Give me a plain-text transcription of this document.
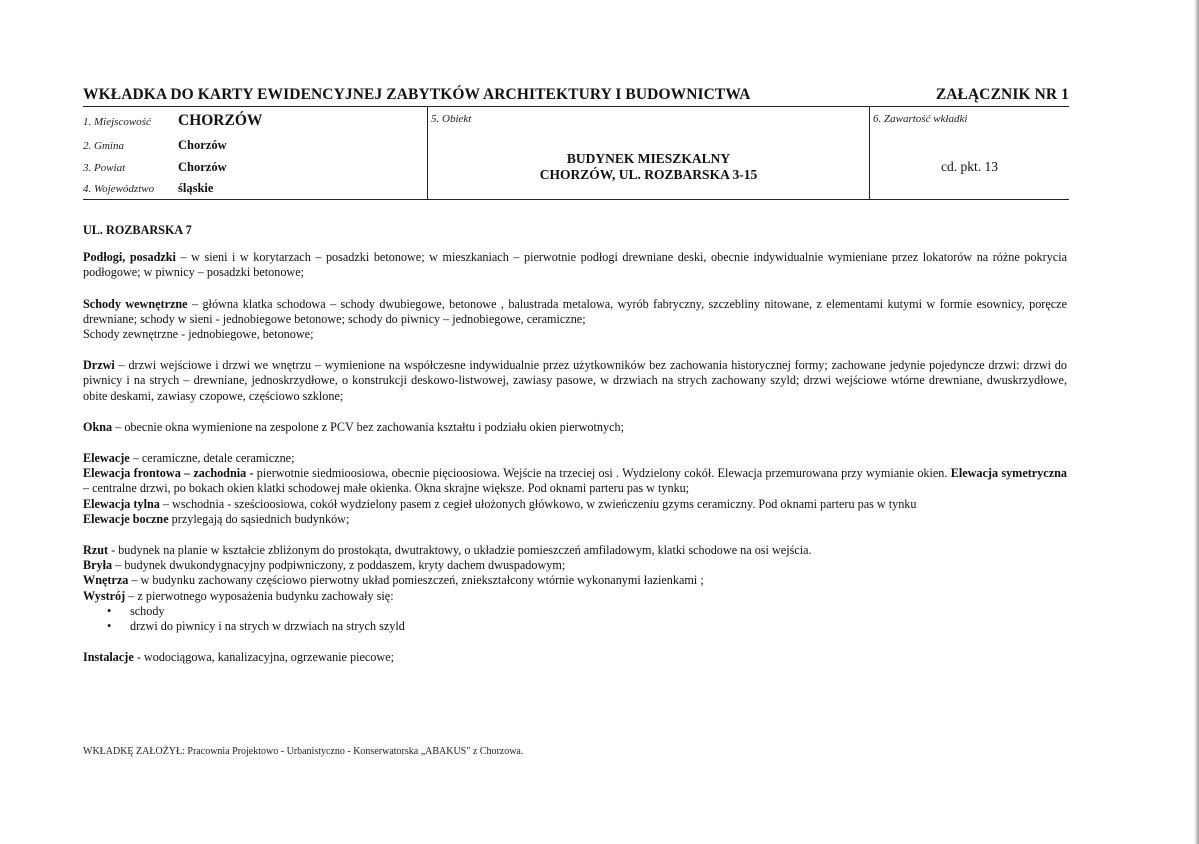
WKŁADKA DO KARTY EWIDENCYJNEJ ZABYTKÓW ARCHITEKTURY I BUDOWNICTWA	ZAŁĄCZNIK NR 1
1. Miejscowość	CHORZÓW
2. Gmina	Chorzów
3. Powiat	Chorzów
4. Województwo	śląskie
5. Obiekt
BUDYNEK MIESZKALNY
CHORZÓW, UL. ROZBARSKA 3-15
6. Zawartość wkładki
cd. pkt. 13

UL. ROZBARSKA 7

Podłogi, posadzki – w sieni i w korytarzach – posadzki betonowe; w mieszkaniach – pierwotnie podłogi drewniane deski, obecnie indywidualnie wymieniane przez lokatorów na różne pokrycia podłogowe; w piwnicy – posadzki betonowe;

Schody wewnętrzne – główna klatka schodowa – schody dwubiegowe, betonowe , balustrada metalowa, wyrób fabryczny, szczebliny nitowane, z elementami kutymi w formie esownicy, poręcze drewniane; schody w sieni - jednobiegowe betonowe; schody do piwnicy – jednobiegowe, ceramiczne;

Schody zewnętrzne - jednobiegowe, betonowe;

Drzwi – drzwi wejściowe i drzwi we wnętrzu – wymienione na współczesne indywidualnie przez użytkowników bez zachowania historycznej formy; zachowane jedynie pojedyncze drzwi: drzwi do piwnicy i na strych – drewniane, jednoskrzydłowe, o konstrukcji deskowo-listwowej, zawiasy pasowe, w drzwiach na strych zachowany szyld; drzwi wejściowe wtórne drewniane, dwuskrzydłowe, obite deskami, zawiasy czopowe, częściowo szklone;

Okna – obecnie okna wymienione na zespolone z PCV bez zachowania kształtu i podziału okien pierwotnych;

Elewacje – ceramiczne, detale ceramiczne;

Elewacja frontowa – zachodnia - pierwotnie siedmioosiowa, obecnie pięcioosiowa. Wejście na trzeciej osi . Wydzielony cokół. Elewacja przemurowana przy wymianie okien. Elewacja symetryczna – centralne drzwi, po bokach okien klatki schodowej małe okienka. Okna skrajne większe. Pod oknami parteru pas w tynku;

Elewacja tylna – wschodnia - sześcioosiowa, cokół wydzielony pasem z cegieł ułożonych główkowo, w zwieńczeniu gzyms ceramiczny. Pod oknami parteru pas w tynku

Elewacje boczne przylegają do sąsiednich budynków;

Rzut - budynek na planie w kształcie zbliżonym do prostokąta, dwutraktowy, o układzie pomieszczeń amfiladowym, klatki schodowe na osi wejścia.

Bryła – budynek dwukondygnacyjny podpiwniczony, z poddaszem, kryty dachem dwuspadowym;

Wnętrza – w budynku zachowany częściowo pierwotny układ pomieszczeń, zniekształcony wtórnie wykonanymi łazienkami ;

Wystrój – z pierwotnego wyposażenia budynku zachowały się:

• schody
• drzwi do piwnicy i na strych w drzwiach na strych szyld

Instalacje - wodociągowa, kanalizacyjna, ogrzewanie piecowe;

WKŁADKĘ ZAŁOŻYŁ: Pracownia Projektowo - Urbanistyczno - Konserwatorska „ABAKUS" z Chorzowa.
